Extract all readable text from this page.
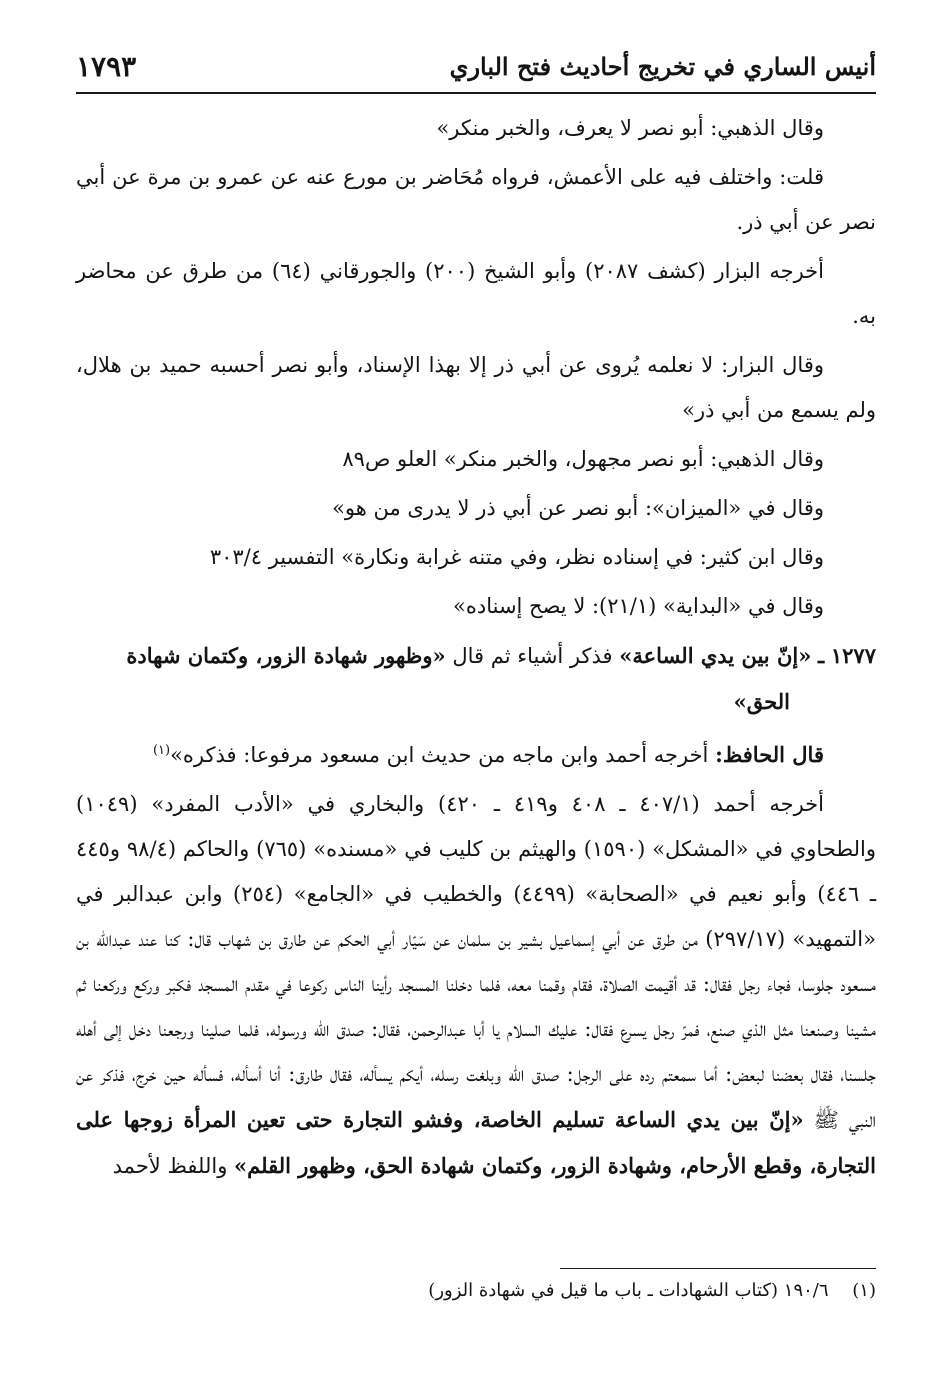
أنيس الساري في تخريج أحاديث فتح الباري
١٧٩٣

وقال الذهبي: أبو نصر لا يعرف، والخبر منكر»

قلت: واختلف فيه على الأعمش، فرواه مُحَاضر بن مورع عنه عن عمرو بن مرة عن أبي نصر عن أبي ذر.

أخرجه البزار (كشف ٢٠٨٧) وأبو الشيخ (٢٠٠) والجورقاني (٦٤) من طرق عن محاضر به.

وقال البزار: لا نعلمه يُروى عن أبي ذر إلا بهذا الإسناد، وأبو نصر أحسبه حميد بن هلال، ولم يسمع من أبي ذر»

وقال الذهبي: أبو نصر مجهول، والخبر منكر» العلو ص٨٩

وقال في «الميزان»: أبو نصر عن أبي ذر لا يدرى من هو»

وقال ابن كثير: في إسناده نظر، وفي متنه غرابة ونكارة» التفسير ٣٠٣/٤

وقال في «البداية» (٢١/١): لا يصح إسناده»

١٢٧٧ ـ «إنّ بين يدي الساعة» فذكر أشياء ثم قال «وظهور شهادة الزور، وكتمان شهادة
الحق»

قال الحافظ: أخرجه أحمد وابن ماجه من حديث ابن مسعود مرفوعا: فذكره»$^{(١)}$

أخرجه أحمد (٤٠٧/١ ـ ٤٠٨ و٤١٩ ـ ٤٢٠) والبخاري في «الأدب المفرد» (١٠٤٩) والطحاوي في «المشكل» (١٥٩٠) والهيثم بن كليب في «مسنده» (٧٦٥) والحاكم (٩٨/٤ و٤٤٥ ـ ٤٤٦) وأبو نعيم في «الصحابة» (٤٤٩٩) والخطيب في «الجامع» (٢٥٤) وابن عبدالبر في «التمهيد» (٢٩٧/١٧) من طرق عن أبي إسماعيل بشير بن سلمان عن سَيّار أبي الحكم عن طارق بن شهاب قال: كنا عند عبدالله بن مسعود جلوسا، فجاء رجل فقال: قد أقيمت الصلاة، فقام وقمنا معه، فلما دخلنا المسجد رأينا الناس ركوعا في مقدم المسجد فكبر وركع وركعنا ثم مشينا وصنعنا مثل الذي صنع، فمرّ رجل يسرع فقال: عليك السلام يا أبا عبدالرحمن، فقال: صدق الله ورسوله، فلما صلينا ورجعنا دخل إلى أهله جلسنا، فقال بعضنا لبعض: أما سمعتم رده على الرجل: صدق الله وبلغت رسله، أيكم يسأله، فقال طارق: أنا أسأله، فسأله حين خرج، فذكر عن النبي ﷺ «إنّ بين يدي الساعة تسليم الخاصة، وفشو التجارة حتى تعين المرأة زوجها على التجارة، وقطع الأرحام، وشهادة الزور، وكتمان شهادة الحق، وظهور القلم» واللفظ لأحمد

(١) ١٩٠/٦ (كتاب الشهادات ـ باب ما قيل في شهادة الزور)
